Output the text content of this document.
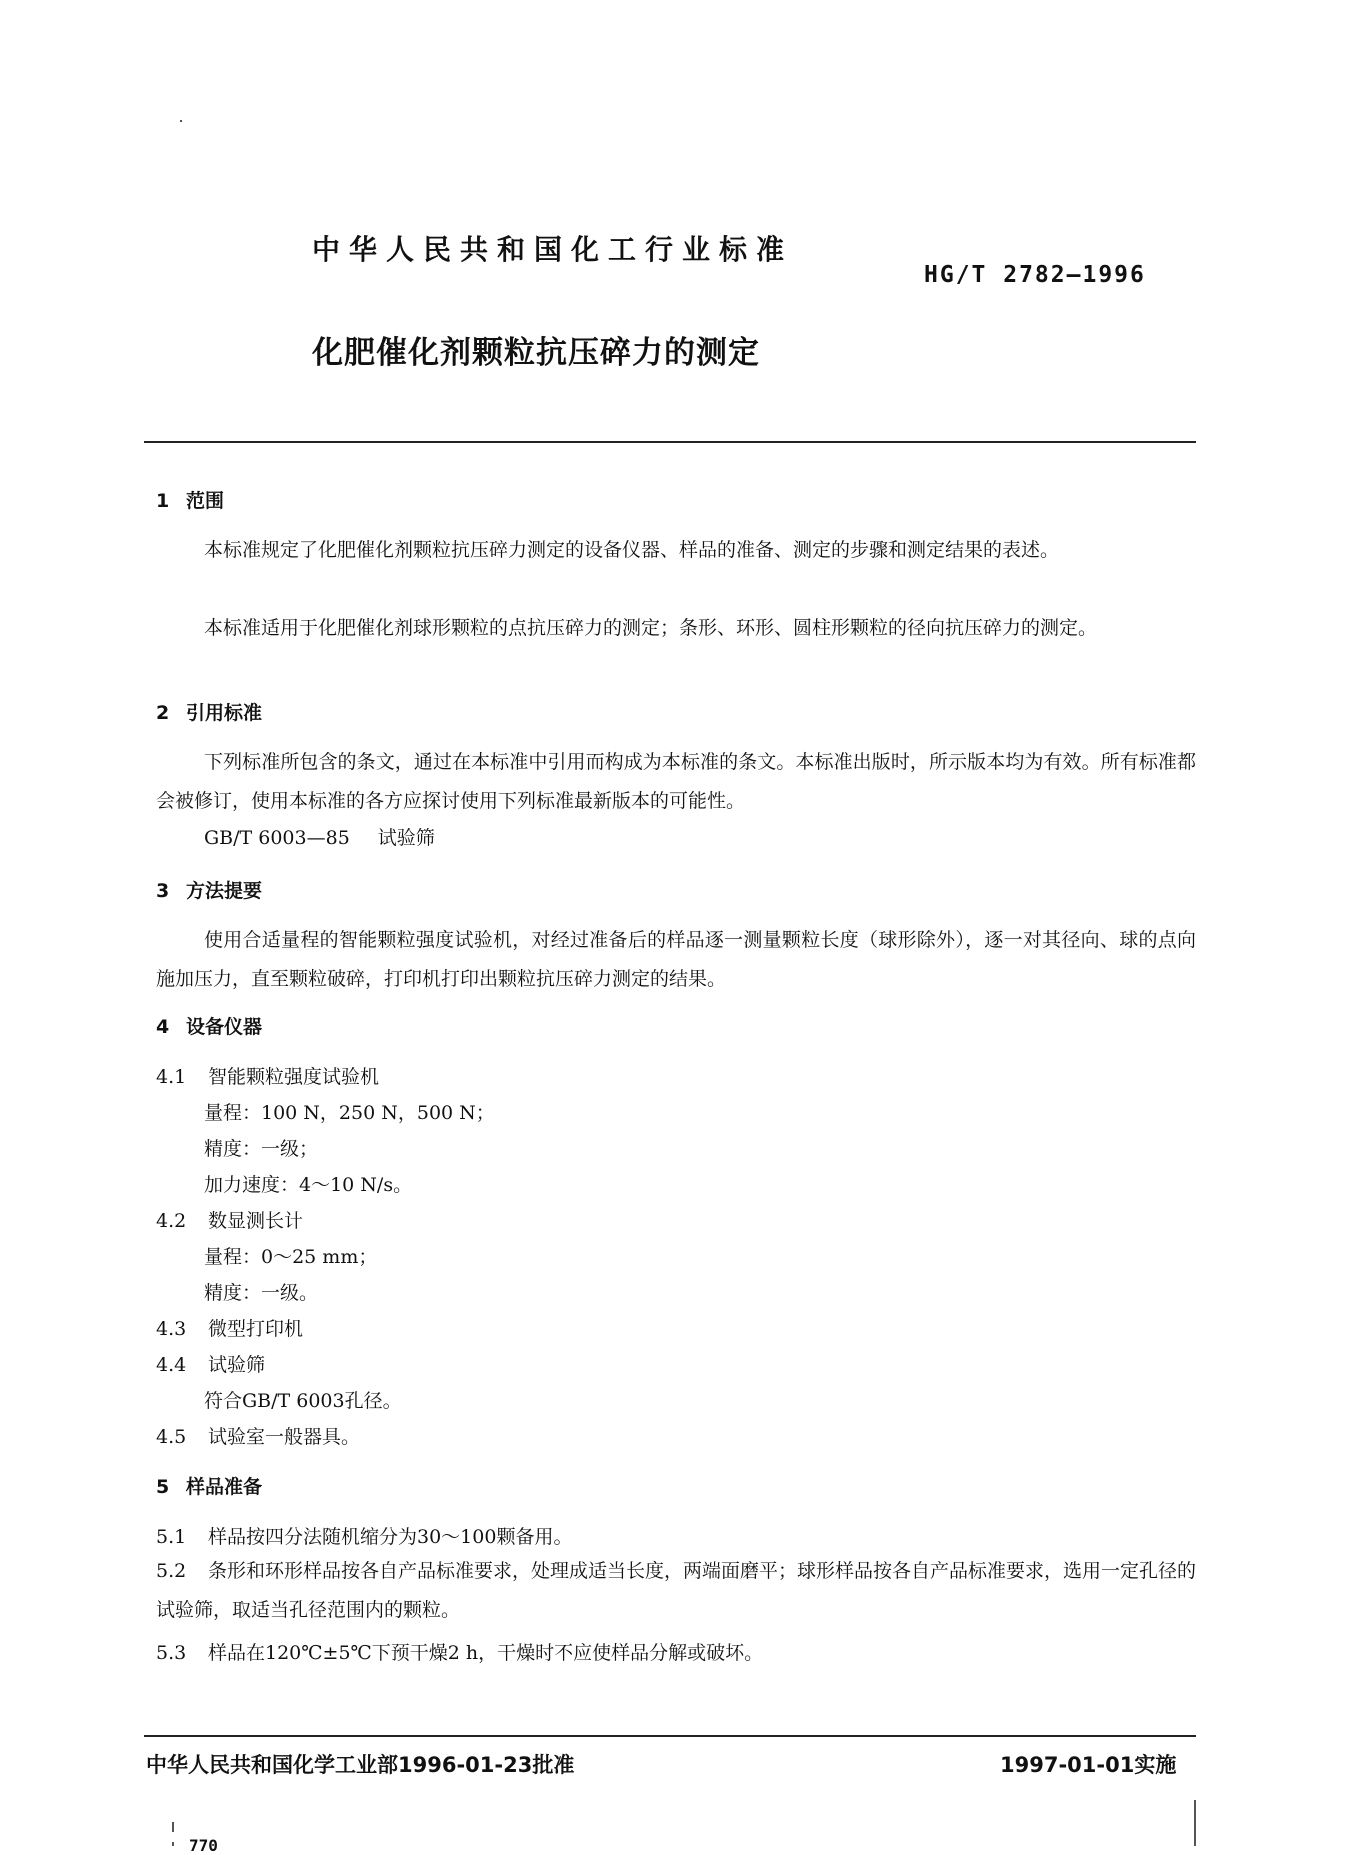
中华人民共和国化工行业标准
HG/T 2782—1996
化肥催化剂颗粒抗压碎力的测定
1 范围
本标准规定了化肥催化剂颗粒抗压碎力测定的设备仪器、样品的准备、测定的步骤和测定结果的表述。
本标准适用于化肥催化剂球形颗粒的点抗压碎力的测定；条形、环形、圆柱形颗粒的径向抗压碎力的测定。
2 引用标准
下列标准所包含的条文，通过在本标准中引用而构成为本标准的条文。本标准出版时，所示版本均为有效。所有标准都会被修订，使用本标准的各方应探讨使用下列标准最新版本的可能性。
GB/T 6003—85 试验筛
3 方法提要
使用合适量程的智能颗粒强度试验机，对经过准备后的样品逐一测量颗粒长度（球形除外），逐一对其径向、球的点向施加压力，直至颗粒破碎，打印机打印出颗粒抗压碎力测定的结果。
4 设备仪器
4.1 智能颗粒强度试验机
量程：100 N，250 N，500 N；
精度：一级；
加力速度：4～10 N/s。
4.2 数显测长计
量程：0～25 mm；
精度：一级。
4.3 微型打印机
4.4 试验筛
符合GB/T 6003孔径。
4.5 试验室一般器具。
5 样品准备
5.1 样品按四分法随机缩分为30～100颗备用。
5.2 条形和环形样品按各自产品标准要求，处理成适当长度，两端面磨平；球形样品按各自产品标准要求，选用一定孔径的试验筛，取适当孔径范围内的颗粒。
5.3 样品在120℃±5℃下预干燥2 h，干燥时不应使样品分解或破坏。
中华人民共和国化学工业部1996-01-23批准	1997-01-01实施
770
